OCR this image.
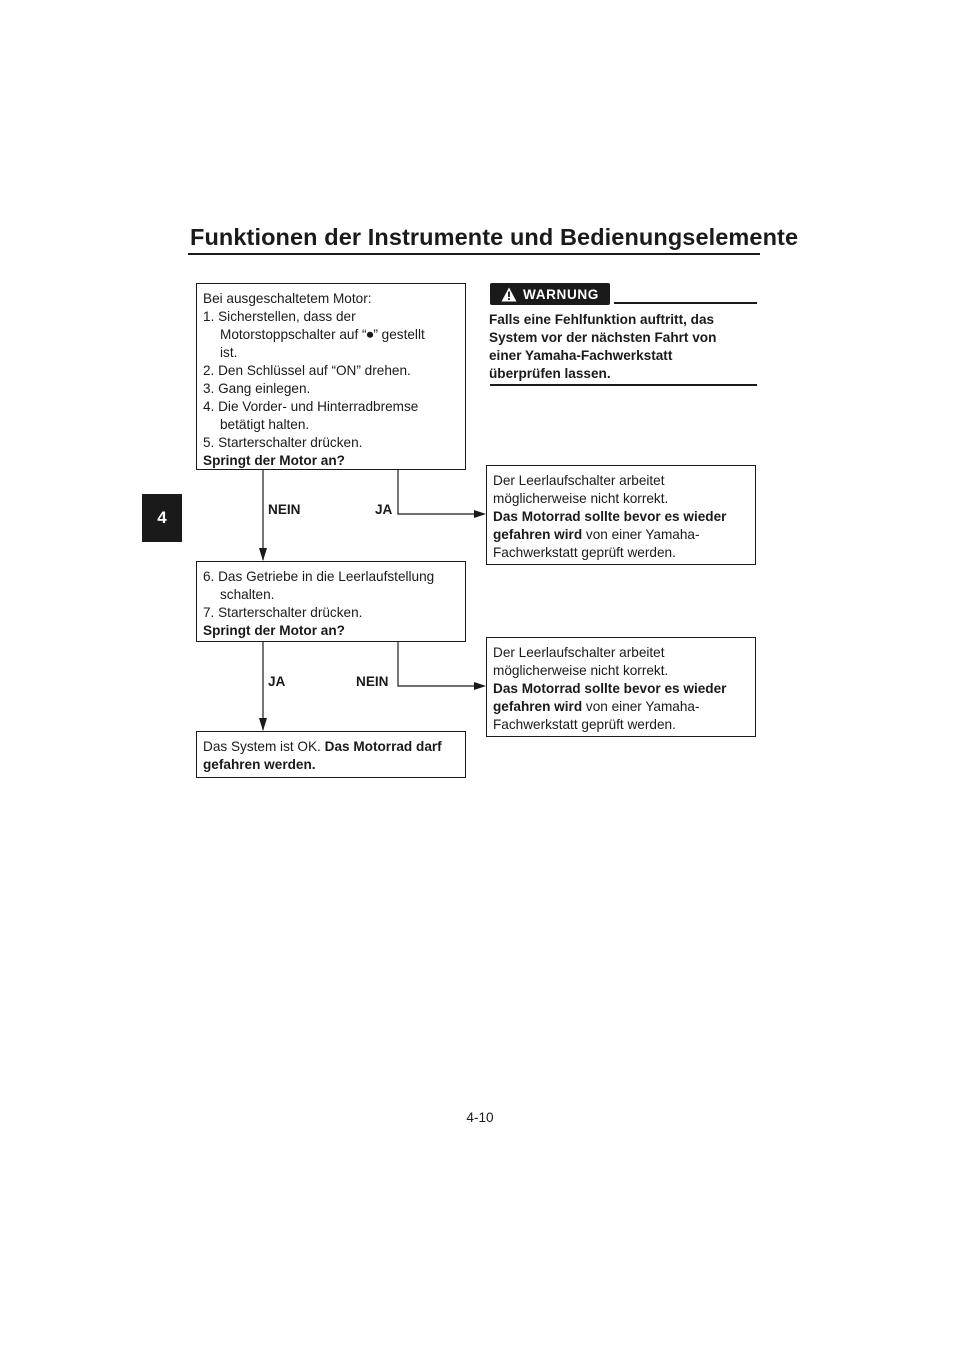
Funktionen der Instrumente und Bedienungselemente
4
Bei ausgeschaltetem Motor:
1. Sicherstellen, dass der
Motorstoppschalter auf “⏺” gestellt
ist.
2. Den Schlüssel auf “ON” drehen.
3. Gang einlegen.
4. Die Vorder- und Hinterradbremse
betätigt halten.
5. Starterschalter drücken.
Springt der Motor an?
NEIN	JA
6. Das Getriebe in die Leerlaufstellung
schalten.
7. Starterschalter drücken.
Springt der Motor an?
JA	NEIN
Das System ist OK. Das Motorrad darf
gefahren werden.
Der Leerlaufschalter arbeitet
möglicherweise nicht korrekt.
Das Motorrad sollte bevor es wieder
gefahren wird von einer Yamaha-
Fachwerkstatt geprüft werden.
Der Leerlaufschalter arbeitet
möglicherweise nicht korrekt.
Das Motorrad sollte bevor es wieder
gefahren wird von einer Yamaha-
Fachwerkstatt geprüft werden.
WARNUNG
Falls eine Fehlfunktion auftritt, das
System vor der nächsten Fahrt von
einer Yamaha-Fachwerkstatt
überprüfen lassen.
4-10
